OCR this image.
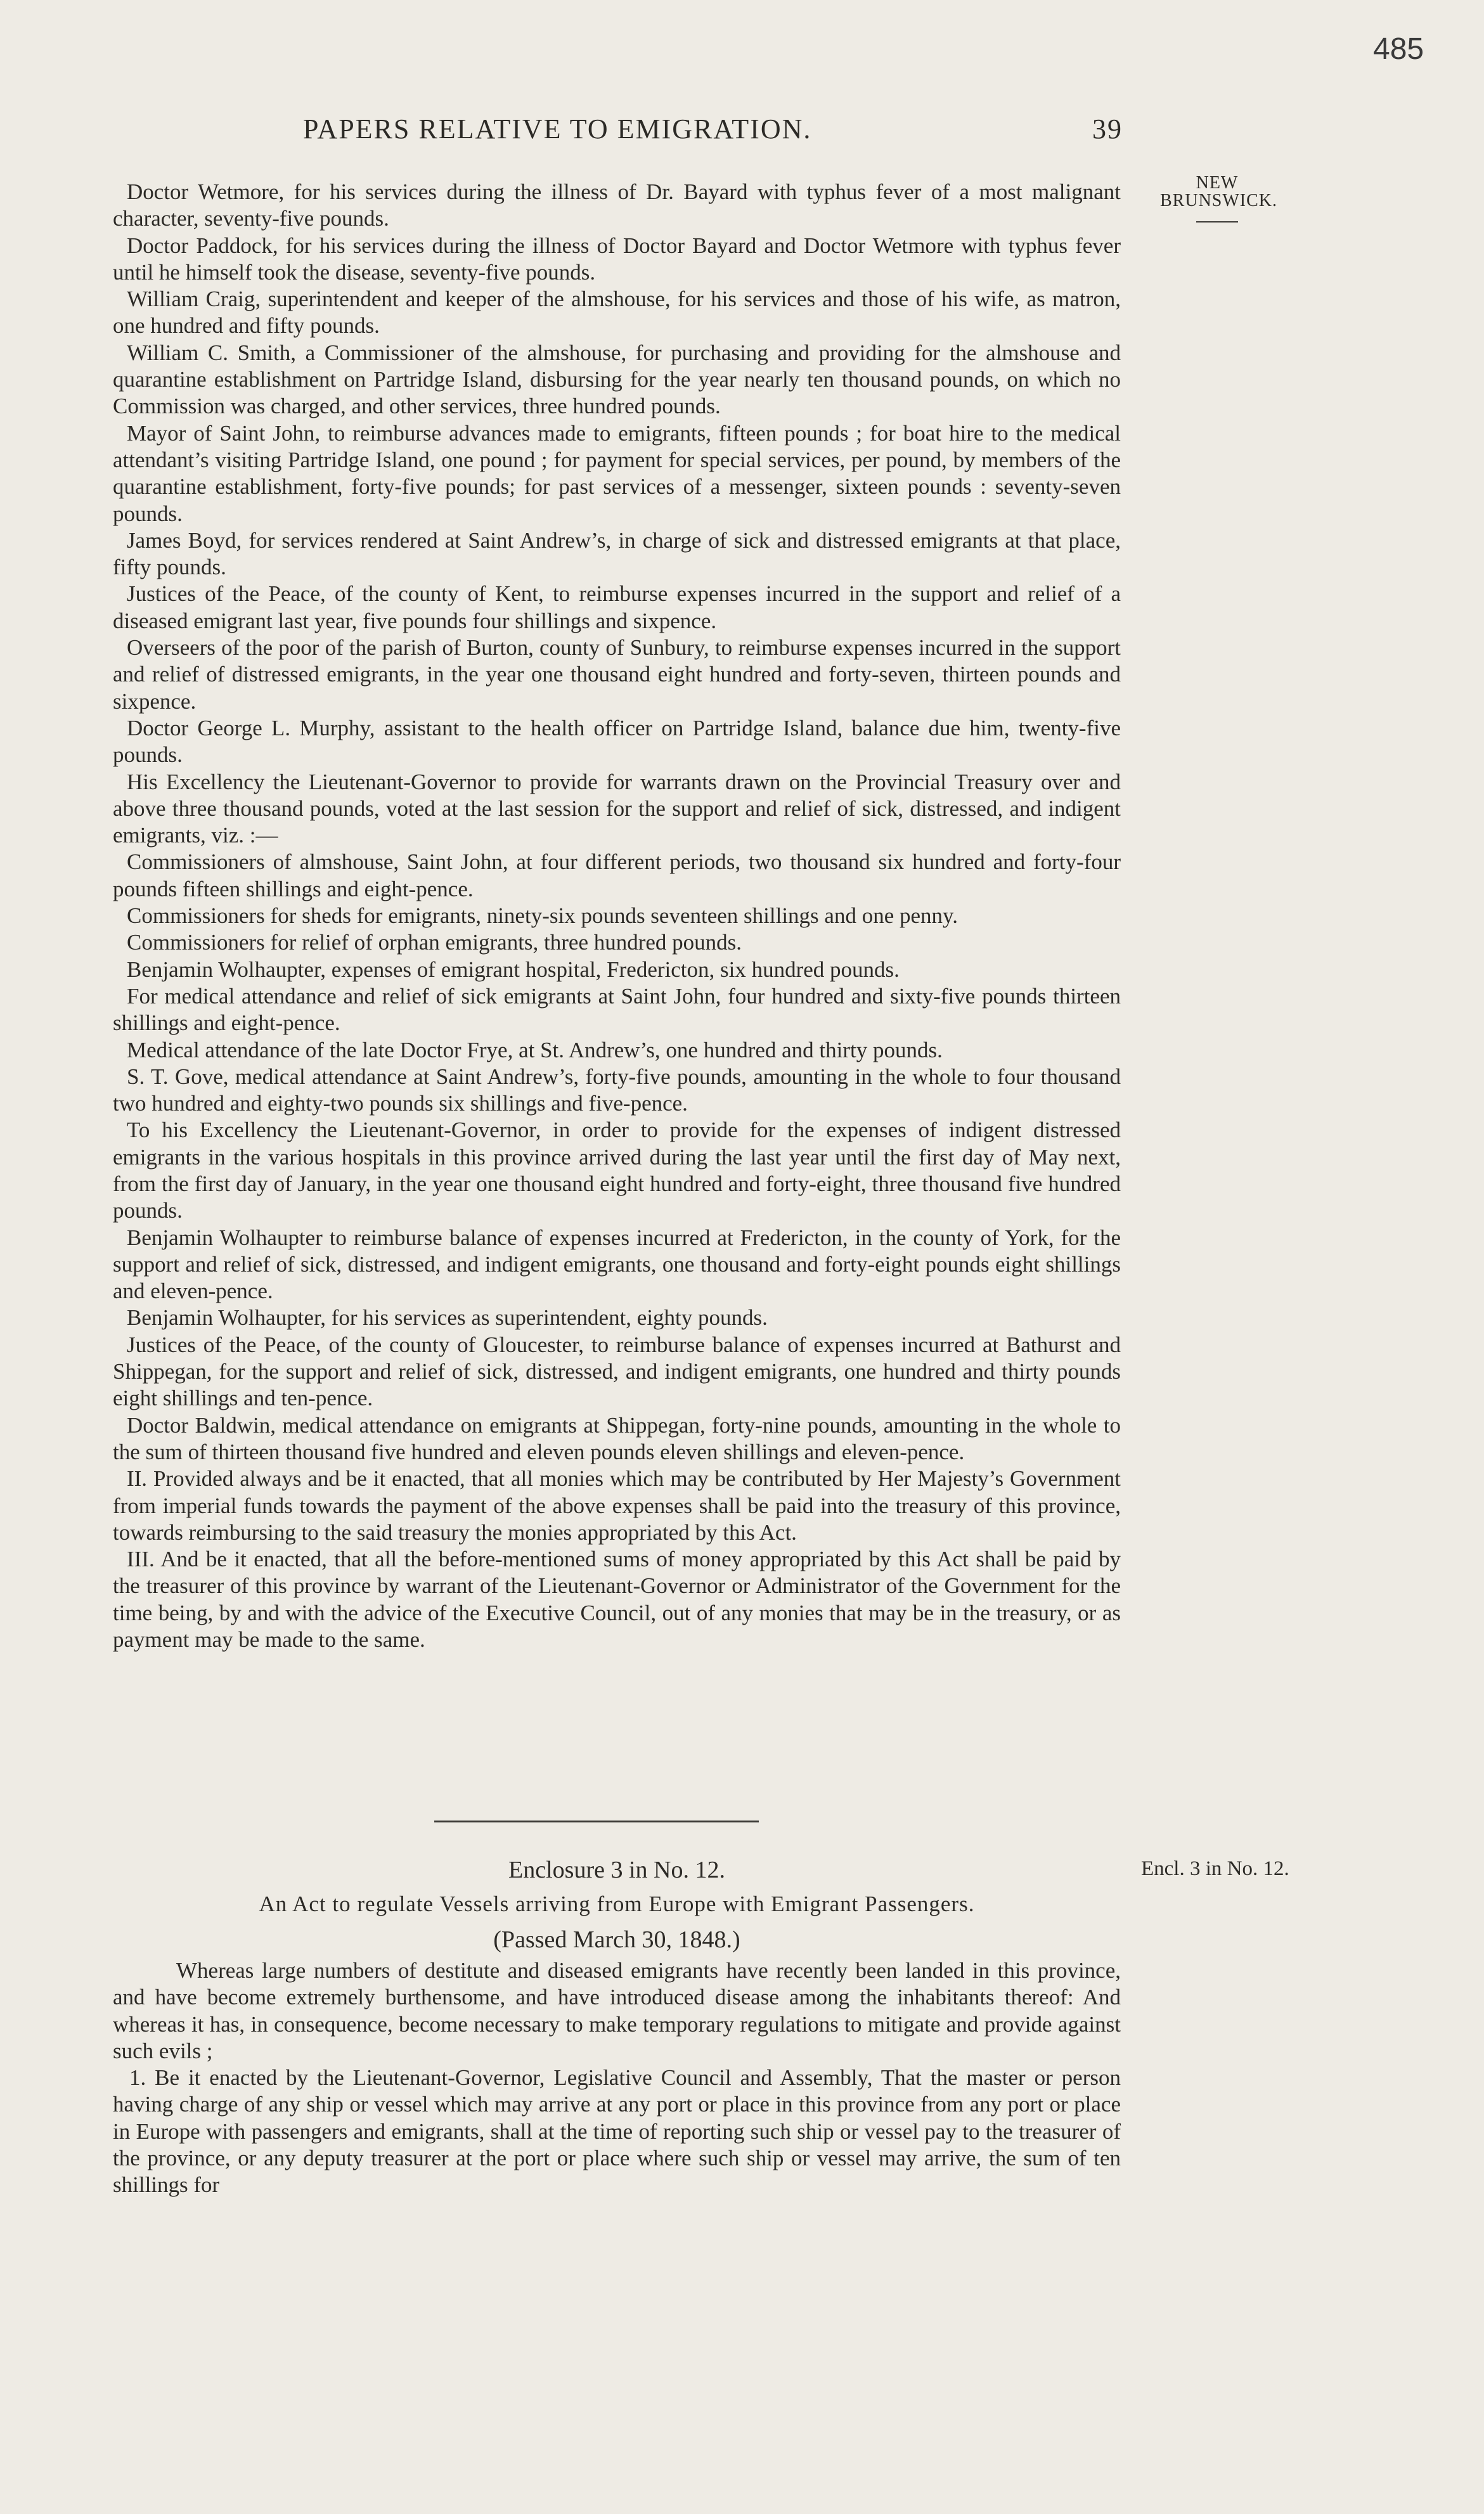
485
PAPERS RELATIVE TO EMIGRATION.	39
NEW
BRUNSWICK.

Doctor Wetmore, for his services during the illness of Dr. Bayard with typhus fever of a most malignant character, seventy-five pounds.

Doctor Paddock, for his services during the illness of Doctor Bayard and Doctor Wetmore with typhus fever until he himself took the disease, seventy-five pounds.

William Craig, superintendent and keeper of the almshouse, for his services and those of his wife, as matron, one hundred and fifty pounds.

William C. Smith, a Commissioner of the almshouse, for purchasing and providing for the almshouse and quarantine establishment on Partridge Island, disbursing for the year nearly ten thousand pounds, on which no Commission was charged, and other services, three hundred pounds.

Mayor of Saint John, to reimburse advances made to emigrants, fifteen pounds ; for boat hire to the medical attendant’s visiting Partridge Island, one pound ; for payment for special services, per pound, by members of the quarantine establishment, forty-five pounds; for past services of a messenger, sixteen pounds : seventy-seven pounds.

James Boyd, for services rendered at Saint Andrew’s, in charge of sick and distressed emigrants at that place, fifty pounds.

Justices of the Peace, of the county of Kent, to reimburse expenses incurred in the support and relief of a diseased emigrant last year, five pounds four shillings and sixpence.

Overseers of the poor of the parish of Burton, county of Sunbury, to reimburse expenses incurred in the support and relief of distressed emigrants, in the year one thousand eight hundred and forty-seven, thirteen pounds and sixpence.

Doctor George L. Murphy, assistant to the health officer on Partridge Island, balance due him, twenty-five pounds.

His Excellency the Lieutenant-Governor to provide for warrants drawn on the Provincial Treasury over and above three thousand pounds, voted at the last session for the support and relief of sick, distressed, and indigent emigrants, viz. :—

Commissioners of almshouse, Saint John, at four different periods, two thousand six hundred and forty-four pounds fifteen shillings and eight-pence.

Commissioners for sheds for emigrants, ninety-six pounds seventeen shillings and one penny.

Commissioners for relief of orphan emigrants, three hundred pounds.

Benjamin Wolhaupter, expenses of emigrant hospital, Fredericton, six hundred pounds.

For medical attendance and relief of sick emigrants at Saint John, four hundred and sixty-five pounds thirteen shillings and eight-pence.

Medical attendance of the late Doctor Frye, at St. Andrew’s, one hundred and thirty pounds.

S. T. Gove, medical attendance at Saint Andrew’s, forty-five pounds, amounting in the whole to four thousand two hundred and eighty-two pounds six shillings and five-pence.

To his Excellency the Lieutenant-Governor, in order to provide for the expenses of indigent distressed emigrants in the various hospitals in this province arrived during the last year until the first day of May next, from the first day of January, in the year one thousand eight hundred and forty-eight, three thousand five hundred pounds.

Benjamin Wolhaupter to reimburse balance of expenses incurred at Fredericton, in the county of York, for the support and relief of sick, distressed, and indigent emigrants, one thousand and forty-eight pounds eight shillings and eleven-pence.

Benjamin Wolhaupter, for his services as superintendent, eighty pounds.

Justices of the Peace, of the county of Gloucester, to reimburse balance of expenses incurred at Bathurst and Shippegan, for the support and relief of sick, distressed, and indigent emigrants, one hundred and thirty pounds eight shillings and ten-pence.

Doctor Baldwin, medical attendance on emigrants at Shippegan, forty-nine pounds, amounting in the whole to the sum of thirteen thousand five hundred and eleven pounds eleven shillings and eleven-pence.

II. Provided always and be it enacted, that all monies which may be contributed by Her Majesty’s Government from imperial funds towards the payment of the above expenses shall be paid into the treasury of this province, towards reimbursing to the said treasury the monies appropriated by this Act.

III. And be it enacted, that all the before-mentioned sums of money appropriated by this Act shall be paid by the treasurer of this province by warrant of the Lieutenant-Governor or Administrator of the Government for the time being, by and with the advice of the Executive Council, out of any monies that may be in the treasury, or as payment may be made to the same.

Enclosure 3 in No. 12.	Encl. 3 in No. 12.
An Act to regulate Vessels arriving from Europe with Emigrant Passengers.
(Passed March 30, 1848.)

Whereas large numbers of destitute and diseased emigrants have recently been landed in this province, and have become extremely burthensome, and have introduced disease among the inhabitants thereof: And whereas it has, in consequence, become necessary to make temporary regulations to mitigate and provide against such evils ;

1. Be it enacted by the Lieutenant-Governor, Legislative Council and Assembly, That the master or person having charge of any ship or vessel which may arrive at any port or place in this province from any port or place in Europe with passengers and emigrants, shall at the time of reporting such ship or vessel pay to the treasurer of the province, or any deputy treasurer at the port or place where such ship or vessel may arrive, the sum of ten shillings for
